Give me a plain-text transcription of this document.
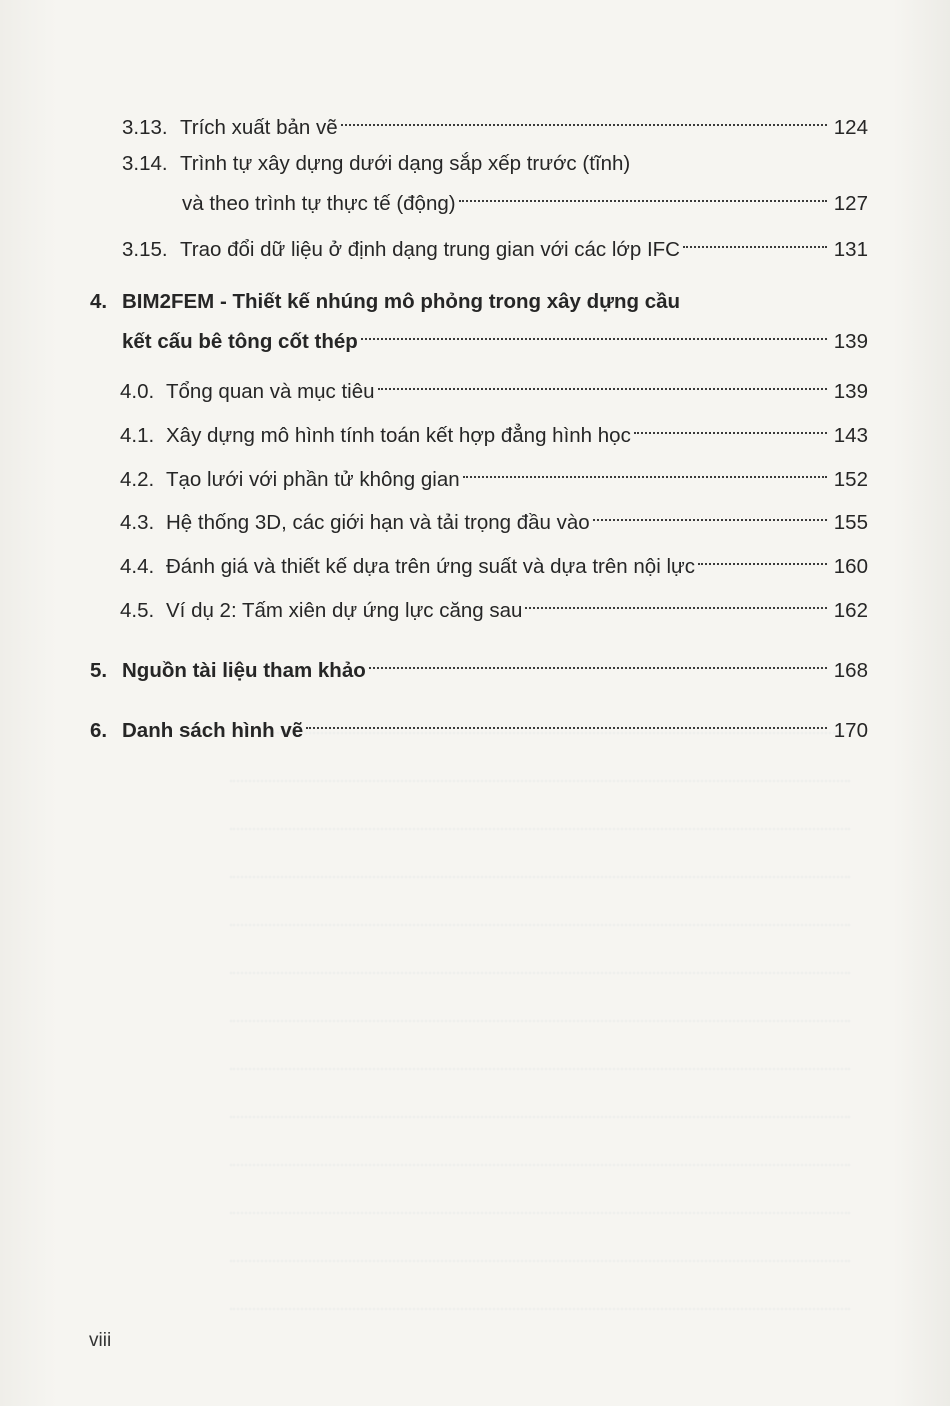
3.13. Trích xuất bản vẽ	124
3.14. Trình tự xây dựng dưới dạng sắp xếp trước (tĩnh)
và theo trình tự thực tế (động)	127
3.15. Trao đổi dữ liệu ở định dạng trung gian với các lớp IFC	131
4. BIM2FEM - Thiết kế nhúng mô phỏng trong xây dựng cầu
kết cấu bê tông cốt thép	139
4.0. Tổng quan và mục tiêu	139
4.1. Xây dựng mô hình tính toán kết hợp đẳng hình học	143
4.2. Tạo lưới với phần tử không gian	152
4.3. Hệ thống 3D, các giới hạn và tải trọng đầu vào	155
4.4. Đánh giá và thiết kế dựa trên ứng suất và dựa trên nội lực	160
4.5. Ví dụ 2: Tấm xiên dự ứng lực căng sau	162
5. Nguồn tài liệu tham khảo	168
6. Danh sách hình vẽ	170
viii
